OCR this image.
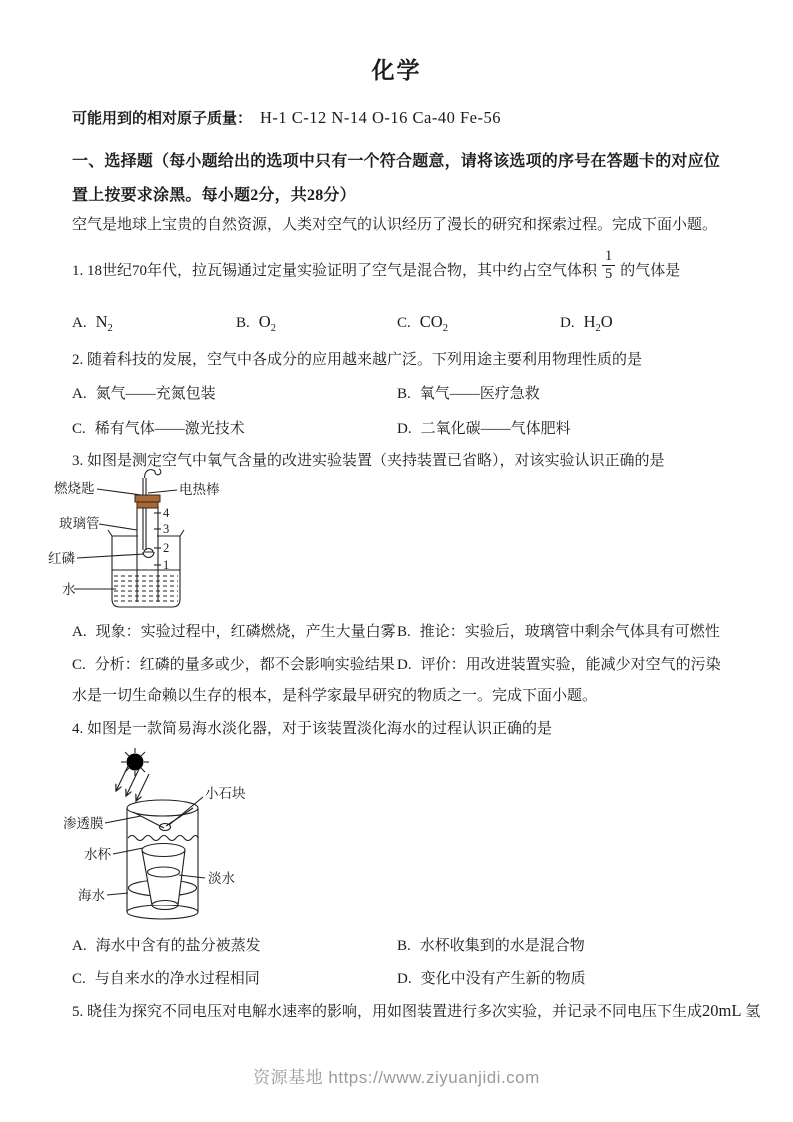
化学
可能用到的相对原子质量： H-1 C-12 N-14 O-16 Ca-40 Fe-56
一、选择题（每小题给出的选项中只有一个符合题意，请将该选项的序号在答题卡的对应位
置上按要求涂黑。每小题2分，共28分）
空气是地球上宝贵的自然资源，人类对空气的认识经历了漫长的研究和探索过程。完成下面小题。
1. 18世纪70年代，拉瓦锡通过定量实验证明了空气是混合物，其中约占空气体积 $\frac{1}{5}$ 的气体是
A. $N_2$	B. $O_2$	C. $CO_2$	D. $H_2O$
2. 随着科技的发展，空气中各成分的应用越来越广泛。下列用途主要利用物理性质的是
A. 氮气——充氮包装	B. 氧气——医疗急救
C. 稀有气体——激光技术	D. 二氧化碳——气体肥料
3. 如图是测定空气中氧气含量的改进实验装置（夹持装置已省略），对该实验认识正确的是
4
3
2
1
燃烧匙	电热棒
玻璃管
红磷
水
A. 现象：实验过程中，红磷燃烧，产生大量白雾 B. 推论：实验后，玻璃管中剩余气体具有可燃性
C. 分析：红磷的量多或少，都不会影响实验结果 D. 评价：用改进装置实验，能减少对空气的污染
水是一切生命赖以生存的根本，是科学家最早研究的物质之一。完成下面小题。
4. 如图是一款简易海水淡化器，对于该装置淡化海水的过程认识正确的是
小石块
渗透膜
水杯
淡水
海水
A. 海水中含有的盐分被蒸发	B. 水杯收集到的水是混合物
C. 与自来水的净水过程相同	D. 变化中没有产生新的物质
5. 晓佳为探究不同电压对电解水速率的影响，用如图装置进行多次实验，并记录不同电压下生成20mL 氢
资源基地 https://www.ziyuanjidi.com
